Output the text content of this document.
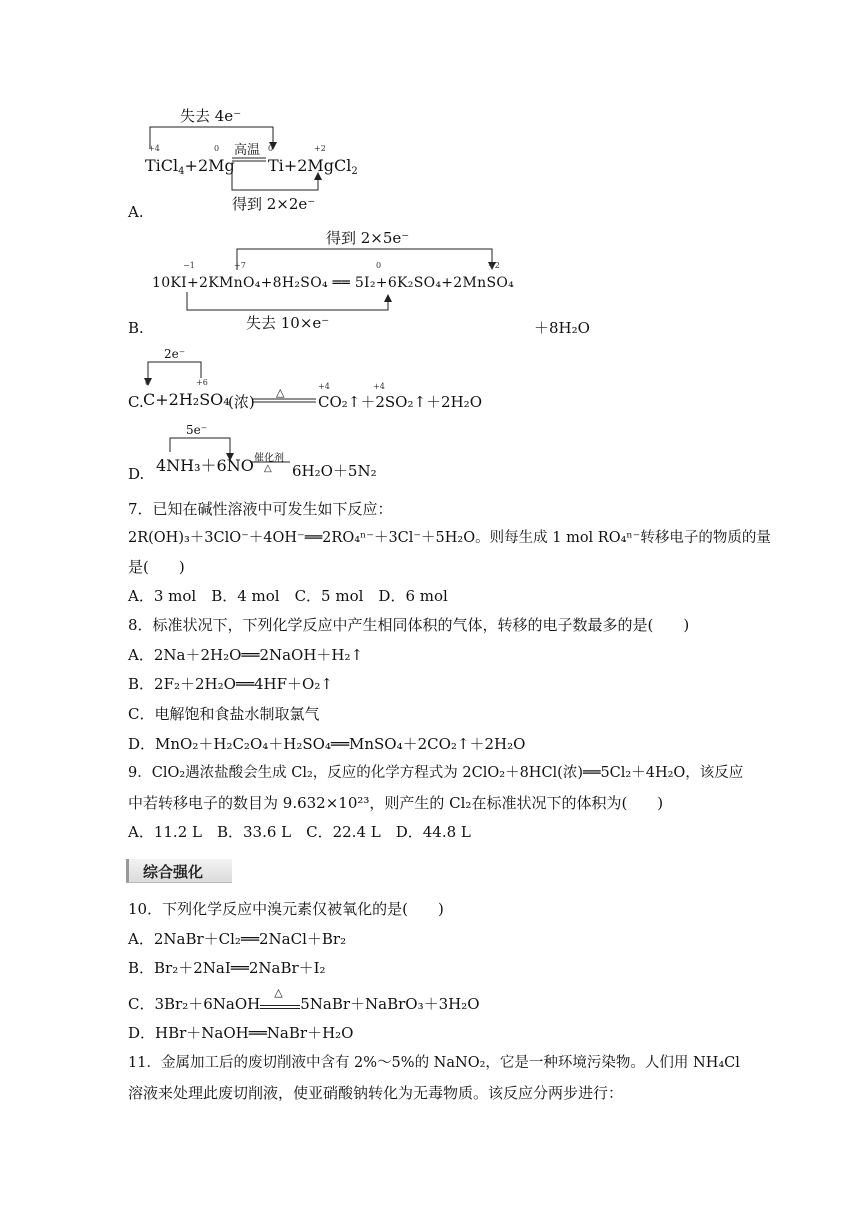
失去 4e⁻
+4	0	0	+2
高温
TiCl$_4$+2Mg Ti+2MgCl$_2$
得到 2×2e⁻
A.
得到 2×5e⁻
−1	+7	0	+2
10KI+2KMnO₄+8H₂SO₄ ══ 5I₂+6K₂SO₄+2MnSO₄
失去 10×e⁻
B.	＋8H₂O
2e⁻
0	+6	+4	+4
C. C+2H₂SO₄
(浓)
△
CO₂↑＋2SO₂↑＋2H₂O
5e⁻
D. 4NH₃＋6NO 催化剂
△ 6H₂O＋5N₂
7．已知在碱性溶液中可发生如下反应：
2R(OH)₃＋3ClO⁻＋4OH⁻══2RO₄ⁿ⁻＋3Cl⁻＋5H₂O。则每生成 1 mol RO₄ⁿ⁻转移电子的物质的量
是(　　)
A．3 mol　B．4 mol　C．5 mol　D．6 mol
8．标准状况下，下列化学反应中产生相同体积的气体，转移的电子数最多的是(　　)
A．2Na＋2H₂O══2NaOH＋H₂↑
B．2F₂＋2H₂O══4HF＋O₂↑
C．电解饱和食盐水制取氯气
D．MnO₂＋H₂C₂O₄＋H₂SO₄══MnSO₄＋2CO₂↑＋2H₂O
9．ClO₂遇浓盐酸会生成 Cl₂，反应的化学方程式为 2ClO₂＋8HCl(浓)══5Cl₂＋4H₂O，该反应
中若转移电子的数目为 9.632×10²³，则产生的 Cl₂在标准状况下的体积为(　　)
A．11.2 L　B．33.6 L　C．22.4 L　D．44.8 L
综合强化
10．下列化学反应中溴元素仅被氧化的是(　　)
A．2NaBr＋Cl₂══2NaCl＋Br₂
B．Br₂＋2NaI══2NaBr＋I₂
C．3Br₂＋6NaOH
△
5NaBr＋NaBrO₃＋3H₂O
D．HBr＋NaOH══NaBr＋H₂O
11．金属加工后的废切削液中含有 2%～5%的 NaNO₂，它是一种环境污染物。人们用 NH₄Cl
溶液来处理此废切削液，使亚硝酸钠转化为无毒物质。该反应分两步进行：
